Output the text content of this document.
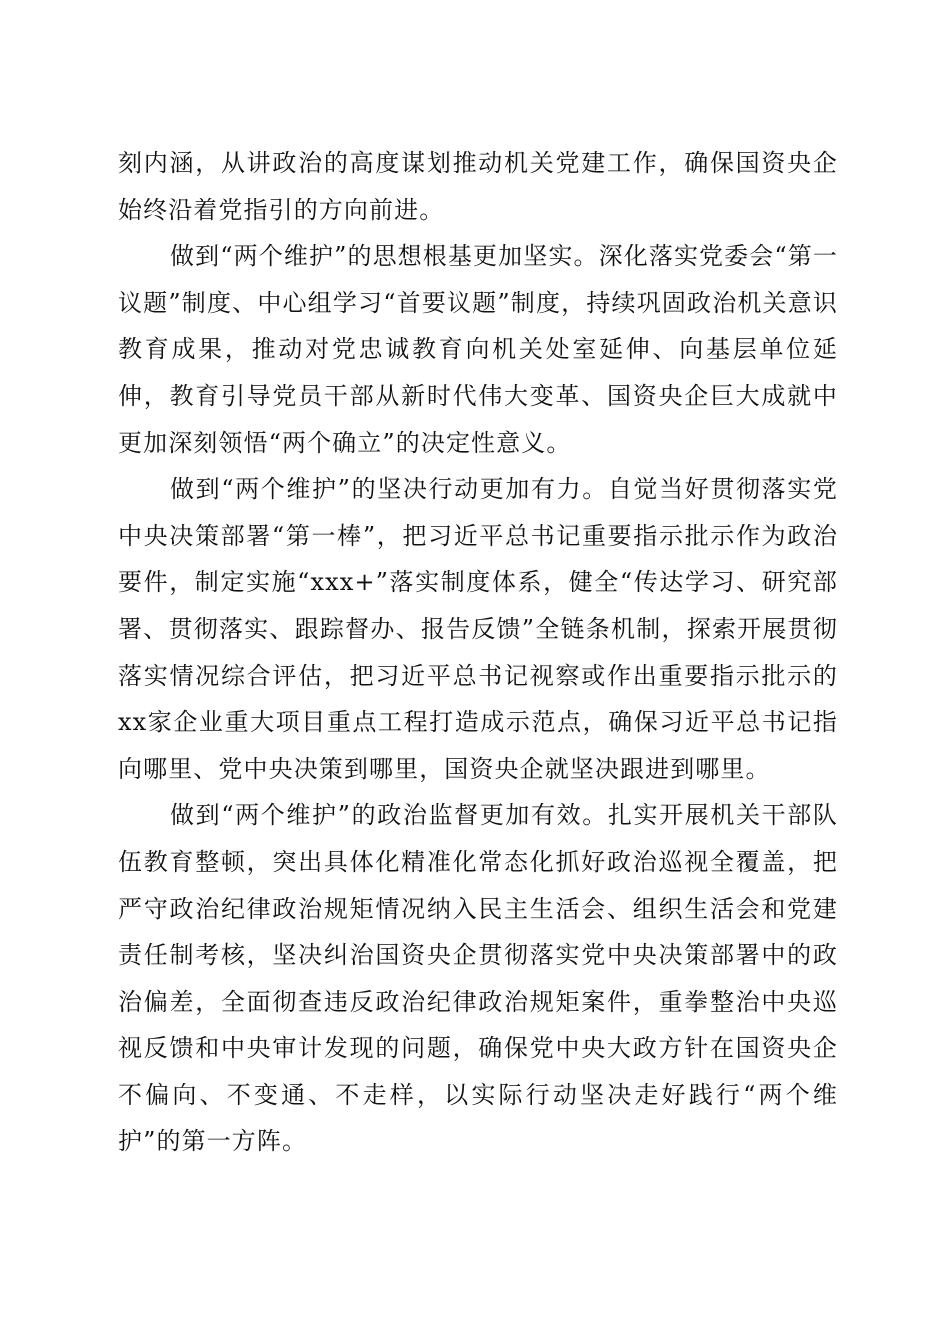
刻内涵，从讲政治的高度谋划推动机关党建工作，确保国资央企始终沿着党指引的方向前进。

做到“两个维护”的思想根基更加坚实。深化落实党委会“第一议题”制度、中心组学习“首要议题”制度，持续巩固政治机关意识教育成果，推动对党忠诚教育向机关处室延伸、向基层单位延伸，教育引导党员干部从新时代伟大变革、国资央企巨大成就中更加深刻领悟“两个确立”的决定性意义。

做到“两个维护”的坚决行动更加有力。自觉当好贯彻落实党中央决策部署“第一棒”，把习近平总书记重要指示批示作为政治要件，制定实施“xxx+”落实制度体系，健全“传达学习、研究部署、贯彻落实、跟踪督办、报告反馈”全链条机制，探索开展贯彻落实情况综合评估，把习近平总书记视察或作出重要指示批示的xx家企业重大项目重点工程打造成示范点，确保习近平总书记指向哪里、党中央决策到哪里，国资央企就坚决跟进到哪里。

做到“两个维护”的政治监督更加有效。扎实开展机关干部队伍教育整顿，突出具体化精准化常态化抓好政治巡视全覆盖，把严守政治纪律政治规矩情况纳入民主生活会、组织生活会和党建责任制考核，坚决纠治国资央企贯彻落实党中央决策部署中的政治偏差，全面彻查违反政治纪律政治规矩案件，重拳整治中央巡视反馈和中央审计发现的问题，确保党中央大政方针在国资央企不偏向、不变通、不走样，以实际行动坚决走好践行“两个维护”的第一方阵。
